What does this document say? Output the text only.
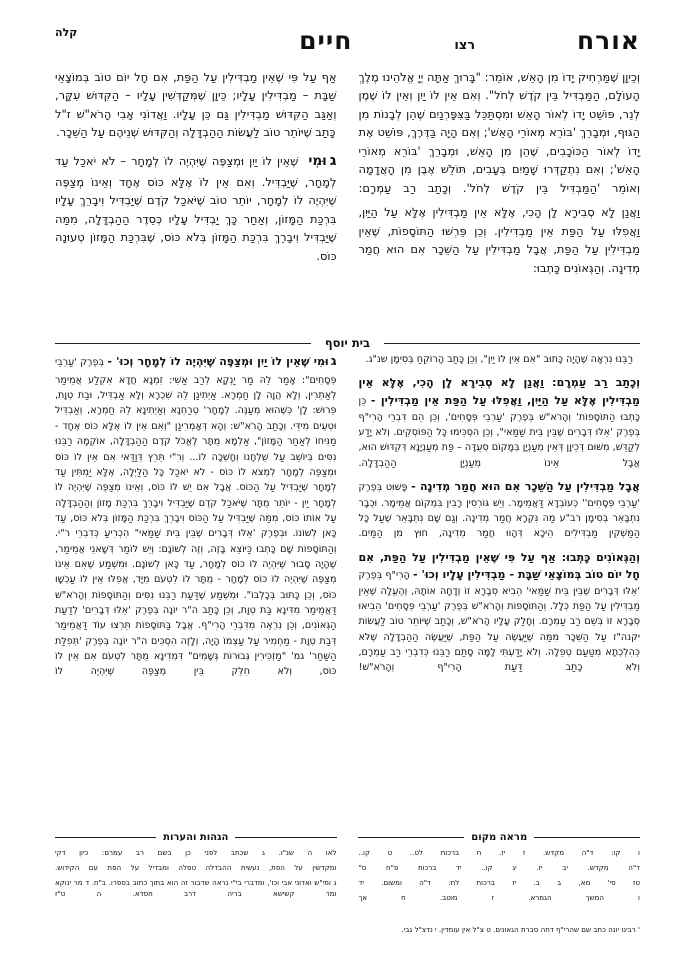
אורח
רצו
חיים
קלה

וְכֵיוָן שֶׁמַּרְחִיק יָדוֹ מִן הָאֵשׁ, אוֹמֵר: "בָּרוּךְ אַתָּה יְיָ אֱלֹהֵינוּ מֶלֶךְ הָעוֹלָם, הַמַּבְדִּיל בֵּין קֹדֶשׁ לְחֹל". וְאִם אֵין לוֹ יַיִן וְאֵין לוֹ שֶׁמֶן לְנֵר, פּוֹשֵׁט יָדוֹ לְאוֹר הָאֵשׁ וּמִסְתַּכֵּל בַּצִּפָּרְנַיִם שֶׁהֵן לְבָנוֹת מִן הַגּוּף, וּמְבָרֵךְ 'בּוֹרֵא מְאוֹרֵי הָאֵשׁ'; וְאִם הָיָה בַּדֶּרֶךְ, פּוֹשֵׁט אֶת יָדוֹ לְאוֹר הַכּוֹכָבִים, שֶׁהֵן מִן הָאֵשׁ, וּמְבָרֵךְ 'בּוֹרֵא מְאוֹרֵי הָאֵשׁ'; וְאִם נִתְקַדְּרוּ שָׁמַיִם בְּעָבִים, תּוֹלֵשׁ אֶבֶן מִן הָאֲדָמָה וְאוֹמֵר 'הַמַּבְדִּיל בֵּין קֹדֶשׁ לְחֹל'. וְכָתַב רַב עַמְרָם:

וַאֲנַן לָא סְבִירָא לָן הָכִי, אֶלָּא אֵין מַבְדִּילִין אֶלָּא עַל הַיַּיִן, וַאֲפִלּוּ עַל הַפַּת אֵין מַבְדִּילִין. וְכֵן פֵּרְשׁוּ הַתּוֹסָפוֹת, שֶׁאֵין מַבְדִּילִין עַל הַפַּת, אֲבָל מַבְדִּילִין עַל הַשֵּׁכָר אִם הוּא חֲמַר מְדִינָה. וְהַגְּאוֹנִים כָּתְבוּ:

אַף עַל פִּי שֶׁאֵין מַבְדִּילִין עַל הַפַּת, אִם חָל יוֹם טוֹב בְּמוֹצָאֵי שַׁבָּת – מַבְדִּילִין עָלָיו; כֵּיוָן שֶׁמְּקַדְּשִׁין עָלָיו – הַקִּדּוּשׁ עִקָּר, וְאַגַּב הַקִּדּוּשׁ מַבְדִּילִין גַּם כֵּן עָלָיו. וַאֲדוֹנִי אָבִי הָרֹא"שׁ ז"ל כָּתַב שֶׁיּוֹתֵר טוֹב לַעֲשׂוֹת הַהַבְדָּלָה וְהַקִּדּוּשׁ שְׁנֵיהֶם עַל הַשֵּׁכָר.

גוּמִי  שֶׁאֵין לוֹ יַיִן וּמְצַפֶּה שֶׁיִּהְיֶה לוֹ לְמָחָר – לֹא יֹאכַל עַד לְמָחָר, שֶׁיַּבְדִּיל. וְאִם אֵין לוֹ אֶלָּא כּוֹס אֶחָד וְאֵינוֹ מְצַפֶּה שֶׁיִּהְיֶה לוֹ לְמָחָר, יוֹתֵר טוֹב שֶׁיֹּאכַל קֹדֶם שֶׁיַּבְדִּיל וִיבָרֵךְ עָלָיו בִּרְכַּת הַמָּזוֹן, וְאַחַר כָּךְ יַבְדִּיל עָלָיו כְּסֵדֶר הַהַבְדָּלָה, מִמַּה שֶׁיַּבְדִּיל וִיבָרֵךְ בִּרְכַּת הַמָּזוֹן בְּלֹא כּוֹס, שֶׁבִּרְכַּת הַמָּזוֹן טְעוּנָה כּוֹס.

בית יוסף

רַבֵּנוּ נִרְאָה שֶׁהָיָה כָּתוּב "אִם אֵין לוֹ יַיִן", וְכֵן כָּתַב הָרוֹקֵחַ בְּסִימָן שנ"ג.

וְכָתַב רַב עַמְרָם: וַאֲנַן לָא סְבִירָא לָן הָכִי, אֶלָּא אֵין מַבְדִּילִין אֶלָּא עַל הַיַּיִן, וַאֲפִלּוּ עַל הַפַּת אֵין מַבְדִּילִין - כֵּן כָּתְבוּ הַתּוֹסָפוֹת' וְהָרֹא"שׁ בְּפֶרֶק 'עַרְבֵי פְּסָחִים', וְכֵן הֵם דִּבְרֵי הָרִי"ף בְּפֶרֶק 'אֵלּוּ דְּבָרִים שֶׁבֵּין בֵּית שַׁמַּאי", וְכֵן הִסְכִּימוּ כָּל הַפּוֹסְקִים. וְלֹא יָדַע לְקַדֵּשׁ, מִשּׁוּם דְּכֵיוָן דְּאֵין מְעַנְיָן בְּמָקוֹם סְעֻדָּה – פַּת מְעַנְיָנָא דְּקִדּוּשׁ הוּא, אֲבָל אֵינוֹ מְעַנְיָן הַהַבְדָּלָה.

אֲבָל מַבְדִּילִין עַל הַשֵּׁכָר אִם הוּא חֲמַר מְדִינָה - פָּשׁוּט בְּפֶרֶק 'עַרְבֵי פְּסָחִים'' כְּעוֹבְדָא דַּאֲמֵימָר. וְיֵשׁ גּוֹרְסִין רָבִין בִּמְקוֹם אֲמֵימָר. וּכְבָר נִתְבָּאֵר בְּסִימָן רב"ע מַה נִּקְרָא חֲמַר מְדִינָה. וְגַם שָׁם נִתְבָּאֵר שֶׁעַל כָּל הַמַּשְׁקִין מַבְדִּילִים הֵיכָא דְּהָווּ חֲמַר מְדִינָה, חוּץ מִן הַמַּיִם.

וְהַגְּאוֹנִים כָּתְבוּ: אַף עַל פִּי שֶׁאֵין מַבְדִּילִין עַל הַפַּת, אִם חָל יוֹם טוֹב בְּמוֹצָאֵי שַׁבָּת - מַבְדִּילִין עָלָיו וְכוּ' - הָרִי"ף בְּפֶרֶק 'אֵלּוּ דְּבָרִים שֶׁבֵּין בֵּית שַׁמַּאי' הֵבִיא סְבָרָא זוֹ וְדָחָה אוֹתָהּ, וְהֶעֱלָה שֶׁאֵין מַבְדִּילִין עַל הַפַּת כְּלָל. וְהַתּוֹסָפוֹת וְהָרֹא"שׁ בְּפֶרֶק 'עַרְבֵי פְּסָחִים' הֵבִיאוּ סְבָרָא זוֹ בְּשֵׁם רַב עַמְרָם. וְחָלַק עָלָיו הָרֹא"שׁ, וְכָתַב שֶׁיּוֹתֵר טוֹב לַעֲשׂוֹת יקנה"ז עַל הַשֵּׁכָר מִמַּה שֶׁיַּעֲשֶׂה עַל הַפַּת, שֶׁיַּעֲשֶׂה הַהַבְדָּלָה שֶׁלֹּא כְּהִלְכְתָא מִטַּעַם טְפֵלָה. וְלֹא יָדַעְתִּי לָמָּה סָתַם רַבֵּנוּ כְּדִבְרֵי רַב עַמְרָם, וְלֹא כָתַב דַּעַת הָרִי"ף וְהָרֹא"שׁ!

גוּמִי שֶׁאֵין לוֹ יַיִן וּמְצַפֶּה שֶׁיִּהְיֶה לוֹ לְמָחָר וְכוּ' - בְּפֶרֶק 'עַרְבֵי פְּסָחִים": אָמַר לֵהּ מַר יַנְקָא לְרַב אַשִׁי: זִמְנָא חֲדָא אִקְלַע אֲמֵימַר לְאַתְרִין, וְלָא הֲוָה לָן חַמְרָא. אַיְתִינַן לֵהּ שִׁכְרָא וְלָא אַבְדִּיל, וּבַת טְוָת, פֵּרוּשׁ: לָן' כְּשֶׁהוּא מְעַנֶּה. לְמָחָר' טְרַחְנָא וְאַיְתִינָא לֵהּ חַמְרָא, וְאַבְדִּיל וּטְעֵים מִידֵּי. וְכָתַב הָרֹא"שׁ: וְהָא דְּאָמְרִינַן "וְאִם אֵין לוֹ אֶלָּא כּוֹס אֶחָד - מַנִּיחוֹ לְאַחַר הַמָּזוֹן", אַלְמָא מֻתָּר לֶאֱכֹל קֹדֶם הַהַבְדָּלָה, אוֹקְמָהּ רַבֵּנוּ נִסִּים בְּיוֹשֵׁב עַל שֻׁלְחָנוֹ וְחָשְׁכָה לוֹ... וְרִ"י תֵּרֵץ דְּוַדַּאי אִם אֵין לוֹ כּוֹס וּמְצַפֶּה לְמָחָר לִמְצֹא לוֹ כּוֹס - לֹא יֹאכַל כָּל הַלַּיְלָה, אֶלָּא יַמְתִּין עַד לְמָחָר שֶׁיַּבְדִּיל עַל הַכּוֹס. אֲבָל אִם יֵשׁ לוֹ כּוֹס, וְאֵינוֹ מְצַפֶּה שֶׁיִּהְיֶה לוֹ לְמָחָר יַיִן - יוֹתֵר מֻתָּר שֶׁיֹּאכַל קֹדֶם שֶׁיַּבְדִּיל וִיבָרֵךְ בִּרְכַּת מָזוֹן וְהַהַבְדָּלָה עַל אוֹתוֹ כּוֹס, מִמַּה שֶׁיַּבְדִּיל עַל הַכּוֹס וִיבָרֵךְ בִּרְכַּת הַמָּזוֹן בְּלֹא כּוֹס, עַד כָּאן לְשׁוֹנוֹ. וּבְפֶרֶק 'אֵלּוּ דְּבָרִים שֶׁבֵּין בֵּית שַׁמַּאי" הִכְרִיעַ כְּדִבְרֵי ר"י. וְהַתּוֹסָפוֹת שָׁם כָּתְבוּ כַּיּוֹצֵא בָּזֶה, וְזֶה לְשׁוֹנָם: וְיֵשׁ לוֹמַר דְּשָׁאנֵי אֲמֵימַר, שֶׁהָיָה סָבוּר שֶׁיִּהְיֶה לוֹ כּוֹס לְמָחָר, עַד כָּאן לְשׁוֹנָם. וּמִשְׁמַע שֶׁאִם אֵינוֹ מְצַפֶּה שֶׁיִּהְיֶה לוֹ כּוֹס לְמָחָר - מֻתָּר לוֹ לִטְעֹם מִיָּד, אֲפִלּוּ אֵין לוֹ עַכְשָׁו כּוֹס, וְכֵן כָּתוּב בְּכָלְבּוֹ". וּמִשְׁמַע שֶׁדַּעַת רַבֵּנוּ נִסִּים וְהַתּוֹסָפוֹת וְהָרֹא"שׁ דַּאֲמֵימַר מִדִּינָא בַּת טְוָת, וְכֵן כָּתַב ה"ר יוֹנָה בְּפֶרֶק 'אֵלּוּ דְּבָרִים' לְדַעַת הַגְּאוֹנִים, וְכֵן נִרְאֶה מִדִּבְרֵי הָרִי"ף. אֲבָל בַּתּוֹסָפוֹת תֵּרְצוּ עוֹד דַּאֲמֵימַר דְּבַת טְוָת - מַחְמִיר עַל עַצְמוֹ הָיָה, וְלָזֶה הִסְכִּים ה"ר יוֹנָה בְּפֶרֶק 'תְּפִלַּת הַשַּׁחַר' גמ' "מַזְכִּירִין גְּבוּרוֹת גְּשָׁמִים" דִּמְדִינָא מֻתָּר לִטְעֹם אִם אֵין לוֹ כּוֹס, וְלֹא חִלֵּק בֵּין מְצַפֶּה שֶׁיִּהְיֶה לוֹ

מראה מקום
הגהות והערות

ו קו: ד"ה מקדש. ז יז. ח ברכות לט.. ט קו..

ד"ה מקדש. יב יז. יג קו.. יד ברכות פ"ח ס"

טז סי' מא, ב ב. יז ברכות לח: ד"ה ומשום. יד

ו המשך הגמרא. ז מוטב. ח אך

לֹאו ה שנ"ו. ג שכתב לפני כן בשם רב עמרם: כיון דקי

ומקדשין על הפת, נעשית ההבדלה טפלה ומבדיל על הפת עם הקידוש.

ג ומי"ש ואדוני אבי וכו', ומדברי בי"י נראה שדבור זה הוא בתוך כתוב בספרו. ב"ח. ד מר ינוקא ומר קשישא בריה דרב חסדא. ה ט"ז

' רבינו יונה כתב שם שהרי"ף דחה סברת הגאונים. ט צ"ל אין עומדין. י נדצ"ל גבי.
